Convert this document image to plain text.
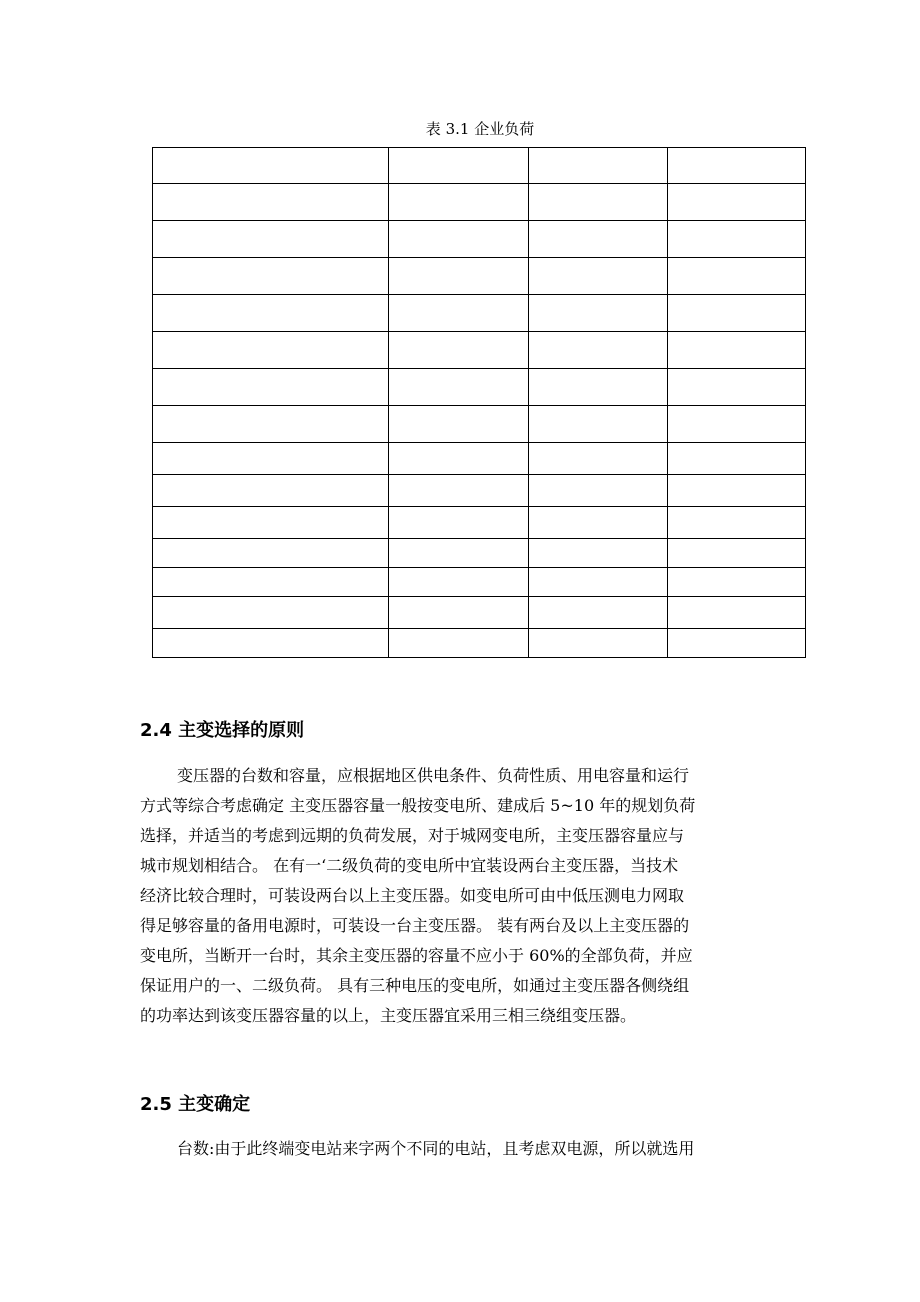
表 3.1 企业负荷

2.4 主变选择的原则
变压器的台数和容量，应根据地区供电条件、负荷性质、用电容量和运行
方式等综合考虑确定 主变压器容量一般按变电所、建成后 5~10 年的规划负荷
选择，并适当的考虑到远期的负荷发展，对于城网变电所，主变压器容量应与
城市规划相结合。 在有一‘二级负荷的变电所中宜装设两台主变压器，当技术
经济比较合理时，可装设两台以上主变压器。如变电所可由中低压测电力网取
得足够容量的备用电源时，可装设一台主变压器。 装有两台及以上主变压器的
变电所，当断开一台时，其余主变压器的容量不应小于 60%的全部负荷，并应
保证用户的一、二级负荷。 具有三种电压的变电所，如通过主变压器各侧绕组
的功率达到该变压器容量的以上，主变压器宜采用三相三绕组变压器。
2.5 主变确定
台数:由于此终端变电站来字两个不同的电站，且考虑双电源，所以就选用
